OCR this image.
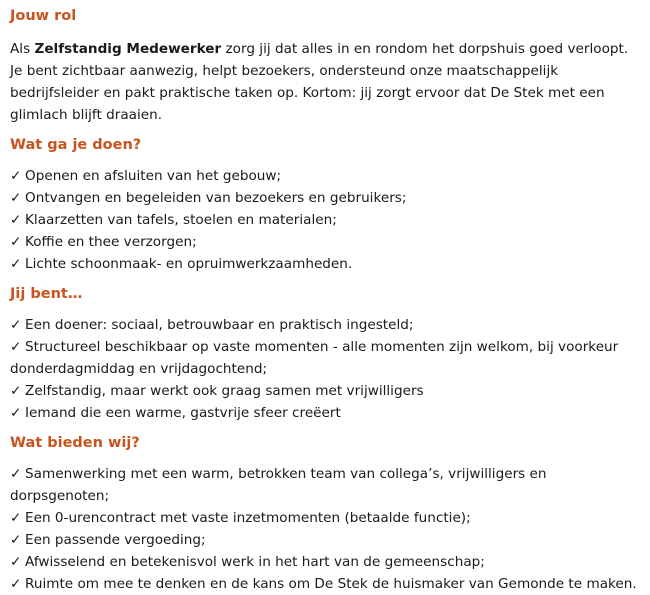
Jouw rol

Als Zelfstandig Medewerker zorg jij dat alles in en rondom het dorpshuis goed verloopt. Je bent zichtbaar aanwezig, helpt bezoekers, ondersteund onze maatschappelijk bedrijfsleider en pakt praktische taken op. Kortom: jij zorgt ervoor dat De Stek met een glimlach blijft draaien.

Wat ga je doen?
✓ Openen en afsluiten van het gebouw;
✓ Ontvangen en begeleiden van bezoekers en gebruikers;
✓ Klaarzetten van tafels, stoelen en materialen;
✓ Koffie en thee verzorgen;
✓ Lichte schoonmaak- en opruimwerkzaamheden.
Jij bent…
✓ Een doener: sociaal, betrouwbaar en praktisch ingesteld;
✓ Structureel beschikbaar op vaste momenten - alle momenten zijn welkom, bij voorkeur donderdagmiddag en vrijdagochtend;
✓ Zelfstandig, maar werkt ook graag samen met vrijwilligers
✓ Iemand die een warme, gastvrije sfeer creëert
Wat bieden wij?
✓ Samenwerking met een warm, betrokken team van collega’s, vrijwilligers en dorpsgenoten;
✓ Een 0-urencontract met vaste inzetmomenten (betaalde functie);
✓ Een passende vergoeding;
✓ Afwisselend en betekenisvol werk in het hart van de gemeenschap;
✓ Ruimte om mee te denken en de kans om De Stek de huismaker van Gemonde te maken.
